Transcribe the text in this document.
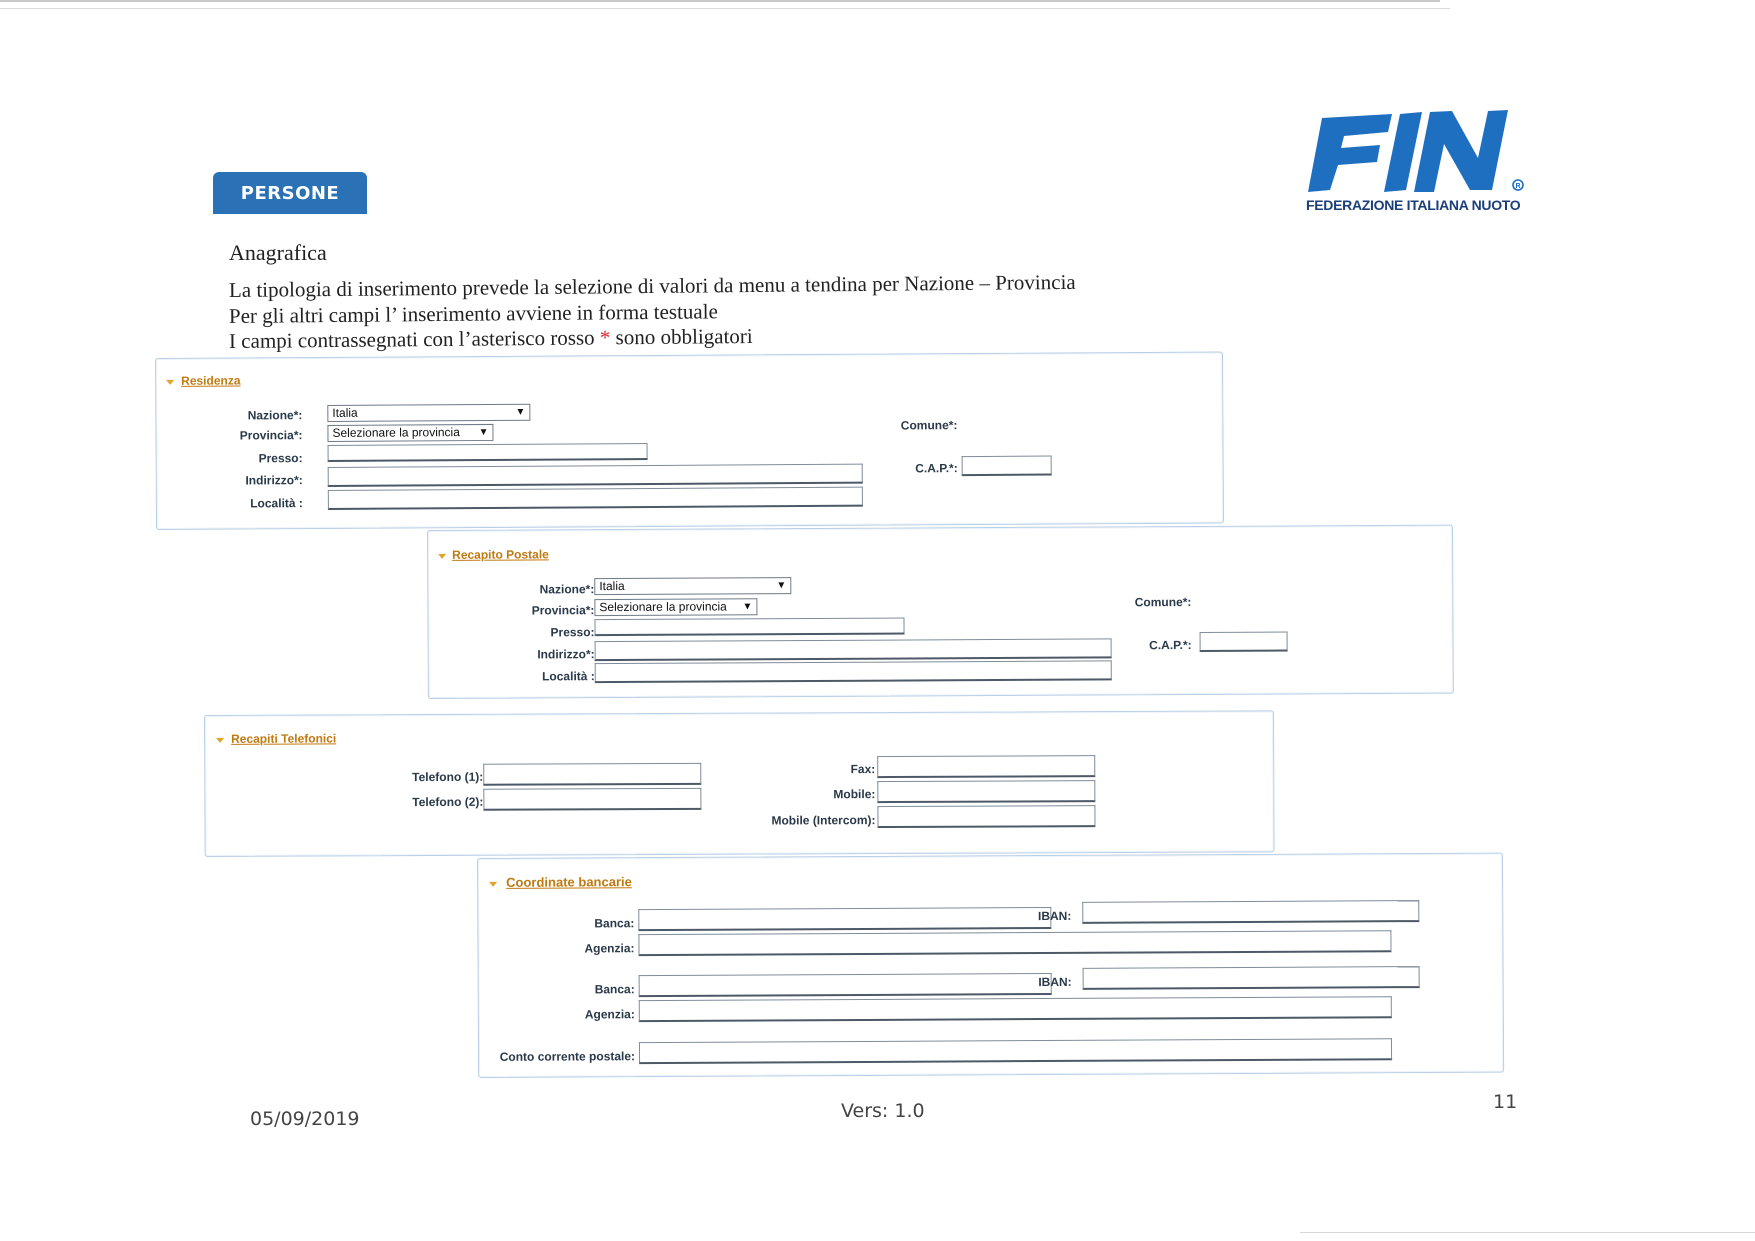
PERSONE	R
FEDERAZIONE ITALIANA NUOTO
Anagrafica
La tipologia di inserimento prevede la selezione di valori da menu a tendina per Nazione – Provincia
Per gli altri campi l’ inserimento avviene in forma testuale
I campi contrassegnati con l’asterisco rosso * sono obbligatori
Residenza
Nazione*:	Italia	▼
Provincia*:	Selezionare la provincia ▼
Presso:
Indirizzo*:
Località :
Comune*:
C.A.P.*:
Recapito Postale
Nazione*: Italia	▼
Provincia*: Selezionare la provincia ▼
Presso:
Indirizzo*:
Località :
Comune*:
C.A.P.*:
Recapiti Telefonici
Telefono (1):
Telefono (2):
Fax:
Mobile:
Mobile (Intercom):
Coordinate bancarie
Banca:
IBAN:
Agenzia:
Banca:
IBAN:
Agenzia:
Conto corrente postale:
05/09/2019	Vers: 1.0	11
